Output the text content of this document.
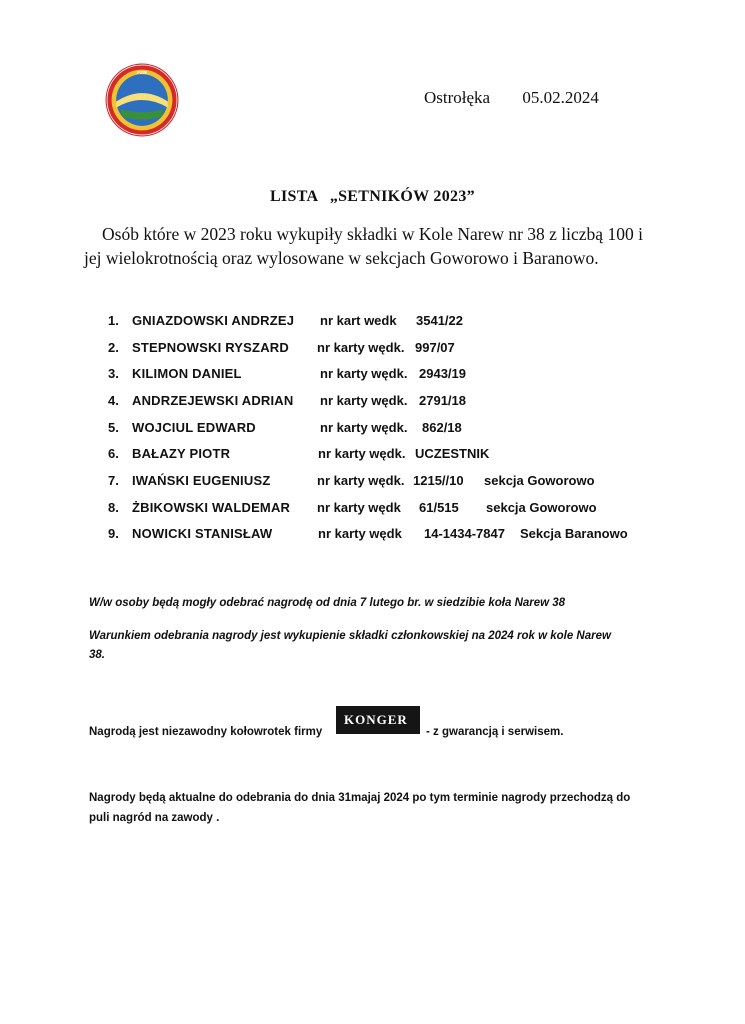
PZW
Ostrołęka 05.02.2024
LISTA „SETNIKÓW 2023”
Osób które w 2023 roku wykupiły składki w Kole Narew nr 38 z liczbą 100 i
jej wielokrotnością oraz wylosowane w sekcjach Goworowo i Baranowo.
1. GNIAZDOWSKI ANDRZEJ nr kart wedk 3541/22
2. STEPNOWSKI RYSZARD nr karty wędk. 997/07
3. KILIMON DANIEL	nr karty wędk. 2943/19
4. ANDRZEJEWSKI ADRIAN nr karty wędk. 2791/18
5. WOJCIUL EDWARD	nr karty wędk. 862/18
6. BAŁAZY PIOTR	nr karty wędk. UCZESTNIK
7. IWAŃSKI EUGENIUSZ	nr karty wędk. 1215//10 sekcja Goworowo
8. ŻBIKOWSKI WALDEMAR nr karty wędk 61/515 sekcja Goworowo
9. NOWICKI STANISŁAW	nr karty wędk 14-1434-7847 Sekcja Baranowo
W/w osoby będą mogły odebrać nagrodę od dnia 7 lutego br. w siedzibie koła Narew 38
Warunkiem odebrania nagrody jest wykupienie składki członkowskiej na 2024 rok w kole Narew 38.
Nagrodą jest niezawodny kołowrotek firmy
KONGER
- z gwarancją i serwisem.
Nagrody będą aktualne do odebrania do dnia 31majaj 2024 po tym terminie nagrody przechodzą do puli nagród na zawody .
